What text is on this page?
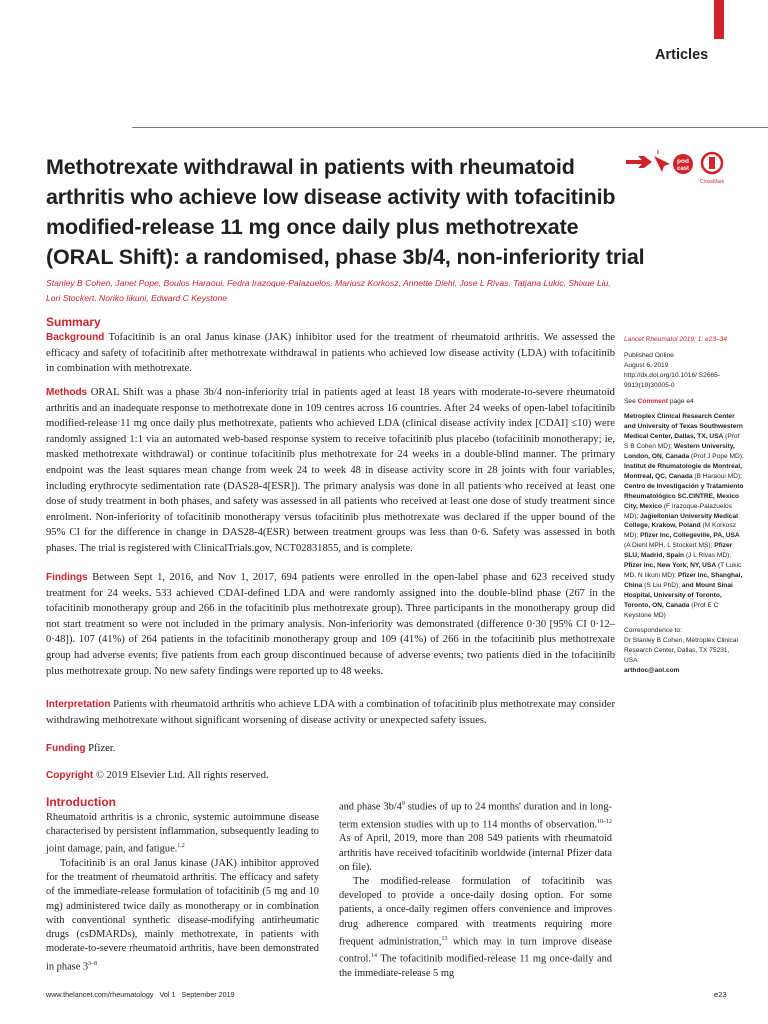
Articles
Methotrexate withdrawal in patients with rheumatoid
arthritis who achieve low disease activity with tofacitinib
modified-release 11 mg once daily plus methotrexate
(ORAL Shift): a randomised, phase 3b/4, non-inferiority trial
pod
cast
CrossMark
Stanley B Cohen, Janet Pope, Boulos Haraoui, Fedra Irazoque-Palazuelos, Mariusz Korkosz, Annette Diehl, Jose L Rivas, Tatjana Lukic, Shixue Liu,
Lori Stockert, Noriko Iikuni, Edward C Keystone
Summary
Background Tofacitinib is an oral Janus kinase (JAK) inhibitor used for the treatment of rheumatoid arthritis. We assessed the efficacy and safety of tofacitinib after methotrexate withdrawal in patients who achieved low disease activity (LDA) with tofacitinib in combination with methotrexate.
Methods ORAL Shift was a phase 3b/4 non-inferiority trial in patients aged at least 18 years with moderate-to-severe rheumatoid arthritis and an inadequate response to methotrexate done in 109 centres across 16 countries. After 24 weeks of open-label tofacitinib modified-release 11 mg once daily plus methotrexate, patients who achieved LDA (clinical disease activity index [CDAI] ≤10) were randomly assigned 1:1 via an automated web-based response system to receive tofacitinib plus placebo (tofacitinib monotherapy; ie, masked methotrexate withdrawal) or continue tofacitinib plus methotrexate for 24 weeks in a double-blind manner. The primary endpoint was the least squares mean change from week 24 to week 48 in disease activity score in 28 joints with four variables, including erythrocyte sedimentation rate (DAS28-4[ESR]). The primary analysis was done in all patients who received at least one dose of study treatment in both phases, and safety was assessed in all patients who received at least one dose of study treatment since enrolment. Non-inferiority of tofacitinib monotherapy versus tofacitinib plus methotrexate was declared if the upper bound of the 95% CI for the difference in change in DAS28-4(ESR) between treatment groups was less than 0·6. Safety was assessed in both phases. The trial is registered with ClinicalTrials.gov, NCT02831855, and is complete.
Findings Between Sept 1, 2016, and Nov 1, 2017, 694 patients were enrolled in the open-label phase and 623 received study treatment for 24 weeks. 533 achieved CDAI-defined LDA and were randomly assigned into the double-blind phase (267 in the tofacitinib monotherapy group and 266 in the tofacitinib plus methotrexate group). Three participants in the monotherapy group did not start treatment so were not included in the primary analysis. Non-inferiority was demonstrated (difference 0·30 [95% CI 0·12–0·48]). 107 (41%) of 264 patients in the tofacitinib monotherapy group and 109 (41%) of 266 in the tofacitinib plus methotrexate group had adverse events; five patients from each group discontinued because of adverse events; two patients died in the tofacitinib plus methotrexate group. No new safety findings were reported up to 48 weeks.
Interpretation Patients with rheumatoid arthritis who achieve LDA with a combination of tofacitinib plus methotrexate may consider withdrawing methotrexate without significant worsening of disease activity or unexpected safety issues.
Funding Pfizer.
Copyright © 2019 Elsevier Ltd. All rights reserved.
Introduction

Rheumatoid arthritis is a chronic, systemic autoimmune disease characterised by persistent inflammation, subsequently leading to joint damage, pain, and fatigue.$^{1,2}$

Tofacitinib is an oral Janus kinase (JAK) inhibitor approved for the treatment of rheumatoid arthritis. The efficacy and safety of the immediate-release formulation of tofacitinib (5 mg and 10 mg) administered twice daily as monotherapy or in combination with conventional synthetic disease-modifying antirheumatic drugs (csDMARDs), mainly methotrexate, in patients with moderate-to-severe rheumatoid arthritis, have been demonstrated in phase 3$^{3-8}$

and phase $3b/4^9$ studies of up to 24 months' duration and in long-term extension studies with up to 114 months of observation.$^{10-12}$ As of April, 2019, more than 208 549 patients with rheumatoid arthritis have received tofacitinib worldwide (internal Pfizer data on file).

The modified-release formulation of tofacitinib was developed to provide a once-daily dosing option. For some patients, a once-daily regimen offers convenience and improves drug adherence compared with treatments requiring more frequent administration,$^{13}$ which may in turn improve disease control.$^{14}$ The tofacitinib modified-release 11 mg once-daily and the immediate-release 5 mg

Lancet Rheumatol 2019; 1: e23–34

Published Online
August 6, 2019
http://dx.doi.org/10.1016/ S2665-9913(19)30005-0

See Comment page e4

Metroplex Clinical Research Center and University of Texas Southwestern Medical Center, Dallas, TX, USA (Prof S B Cohen MD); Western University, London, ON, Canada (Prof J Pope MD); Institut de Rhumatologie de Montréal, Montreal, QC, Canada (B Haraoui MD); Centro de Investigación y Tratamiento Rheumatológico SC.CINTRE, Mexico City, Mexico (F Irazoque-Palazuelos MD); Jagiellonian University Medical College, Krakow, Poland (M Korkosz MD); Pfizer Inc, Collegeville, PA, USA (A Diehl MPH, L Stockert MS); Pfizer SLU, Madrid, Spain (J L Rivas MD); Pfizer Inc, New York, NY, USA (T Lukic MD, N Iikuni MD); Pfizer Inc, Shanghai, China (S Liu PhD); and Mount Sinai Hospital, University of Toronto, Toronto, ON, Canada (Prof E C Keystone MD)

Correspondence to:
Dr Stanley B Cohen, Metroplex Clinical Research Center, Dallas, TX 75231, USA
arthdoc@aol.com

www.thelancet.com/rheumatology Vol 1 September 2019	e23
